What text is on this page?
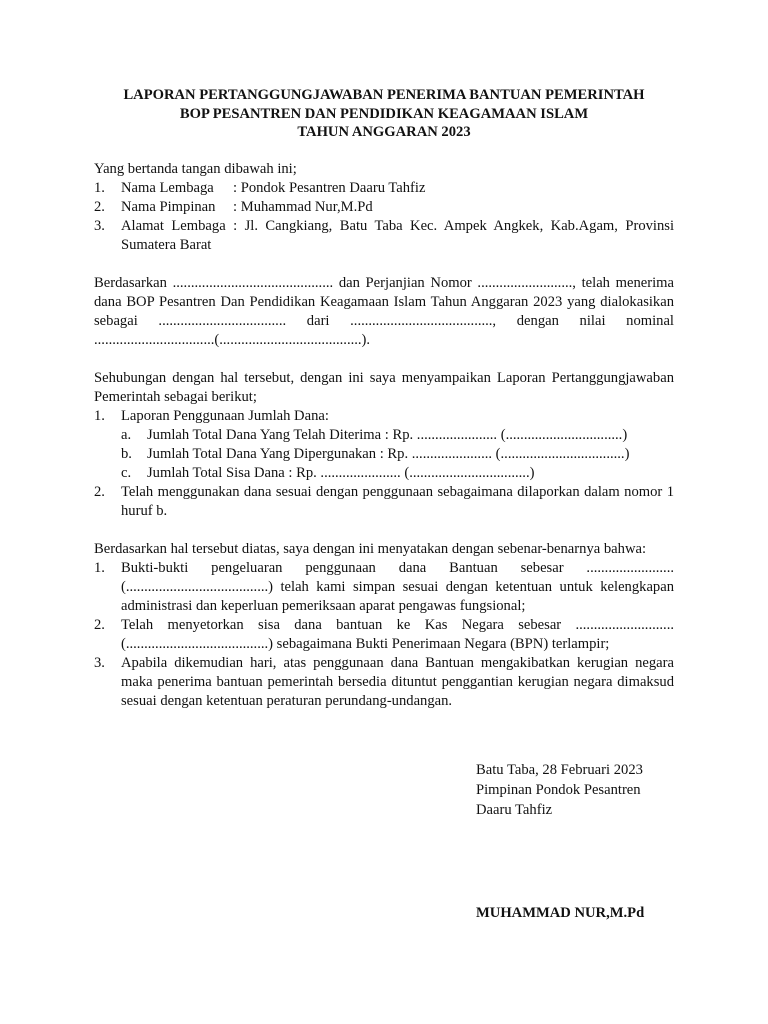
LAPORAN PERTANGGUNGJAWABAN PENERIMA BANTUAN PEMERINTAH
BOP PESANTREN DAN PENDIDIKAN KEAGAMAAN ISLAM
TAHUN ANGGARAN 2023
Yang bertanda tangan dibawah ini;
1.	Nama Lembaga : Pondok Pesantren Daaru Tahfiz
2.	Nama Pimpinan : Muhammad Nur,M.Pd
3.	Alamat Lembaga : Jl. Cangkiang, Batu Taba Kec. Ampek Angkek, Kab.Agam, Provinsi Sumatera Barat
Berdasarkan ............................................ dan Perjanjian Nomor .........................., telah menerima dana BOP Pesantren Dan Pendidikan Keagamaan Islam Tahun Anggaran 2023 yang dialokasikan sebagai ................................... dari ......................................., dengan nilai nominal .................................(.......................................).
Sehubungan dengan hal tersebut, dengan ini saya menyampaikan Laporan Pertanggungjawaban Pemerintah sebagai berikut;
1.	Laporan Penggunaan Jumlah Dana:
a.	Jumlah Total Dana Yang Telah Diterima : Rp. ...................... (................................)
b.	Jumlah Total Dana Yang Dipergunakan : Rp. ...................... (..................................)
c.	Jumlah Total Sisa Dana : Rp. ...................... (.................................)
2.	Telah menggunakan dana sesuai dengan penggunaan sebagaimana dilaporkan dalam nomor 1 huruf b.
Berdasarkan hal tersebut diatas, saya dengan ini menyatakan dengan sebenar-benarnya bahwa:
1.	Bukti-bukti pengeluaran penggunaan dana Bantuan sebesar ........................ (.......................................) telah kami simpan sesuai dengan ketentuan untuk kelengkapan administrasi dan keperluan pemeriksaan aparat pengawas fungsional;
2.	Telah menyetorkan sisa dana bantuan ke Kas Negara sebesar ........................... (.......................................) sebagaimana Bukti Penerimaan Negara (BPN) terlampir;
3.	Apabila dikemudian hari, atas penggunaan dana Bantuan mengakibatkan kerugian negara maka penerima bantuan pemerintah bersedia dituntut penggantian kerugian negara dimaksud sesuai dengan ketentuan peraturan perundang-undangan.
Batu Taba, 28 Februari 2023
Pimpinan Pondok Pesantren
Daaru Tahfiz
MUHAMMAD NUR,M.Pd
